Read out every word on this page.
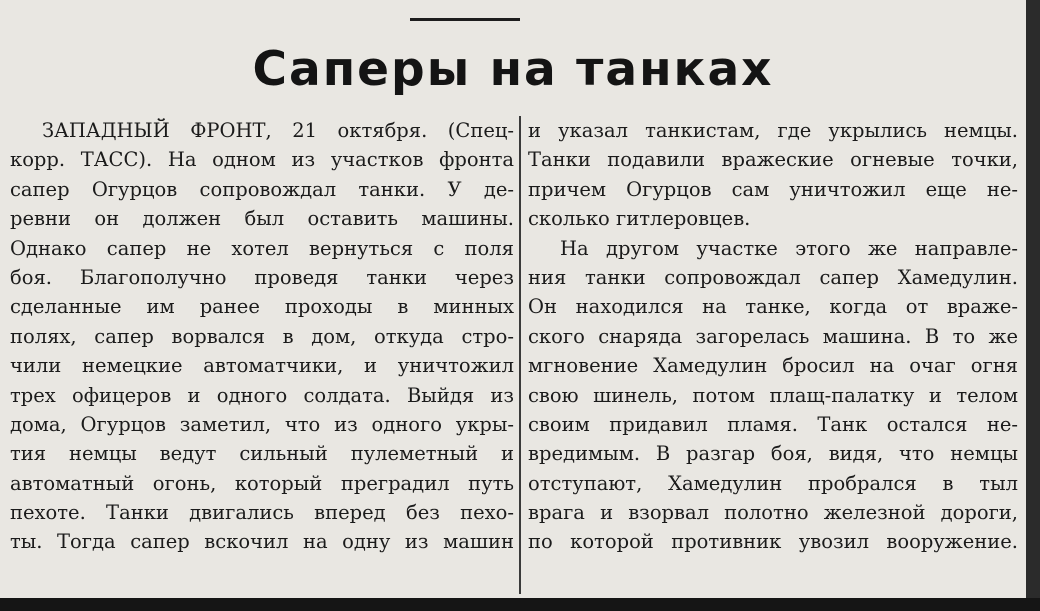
Саперы на танках
ЗАПАДНЫЙ ФРОНТ, 21 октября. (Спец-
корр. ТАСС). На одном из участков фронта
сапер Огурцов сопровождал танки. У де-
ревни он должен был оставить машины.
Однако сапер не хотел вернуться с поля
боя. Благополучно проведя танки через
сделанные им ранее проходы в минных
полях, сапер ворвался в дом, откуда стро-
чили немецкие автоматчики, и уничтожил
трех офицеров и одного солдата. Выйдя из
дома, Огурцов заметил, что из одного укры-
тия немцы ведут сильный пулеметный и
автоматный огонь, который преградил путь
пехоте. Танки двигались вперед без пехо-
ты. Тогда сапер вскочил на одну из машин
и указал танкистам, где укрылись немцы.
Танки подавили вражеские огневые точки,
причем Огурцов сам уничтожил еще не-
сколько гитлеровцев.
На другом участке этого же направле-
ния танки сопровождал сапер Хамедулин.
Он находился на танке, когда от враже-
ского снаряда загорелась машина. В то же
мгновение Хамедулин бросил на очаг огня
свою шинель, потом плащ-палатку и телом
своим придавил пламя. Танк остался не-
вредимым. В разгар боя, видя, что немцы
отступают, Хамедулин пробрался в тыл
врага и взорвал полотно железной дороги,
по которой противник увозил вооружение.
